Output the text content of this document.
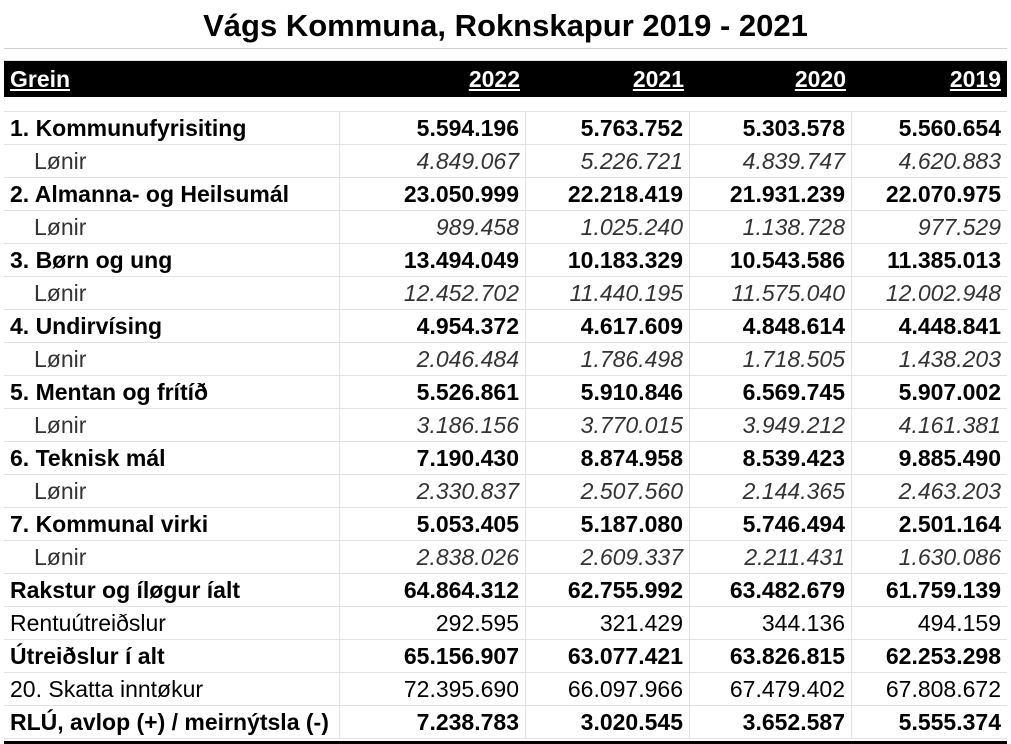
Vágs Kommuna, Roknskapur 2019 - 2021
Grein	2022	2021	2020	2019
1. Kommunufyrisiting	5.594.196	5.763.752	5.303.578	5.560.654
Lønir	4.849.067	5.226.721	4.839.747	4.620.883
2. Almanna- og Heilsumál	23.050.999	22.218.419	21.931.239	22.070.975
Lønir	989.458	1.025.240	1.138.728	977.529
3. Børn og ung	13.494.049	10.183.329	10.543.586	11.385.013
Lønir	12.452.702	11.440.195	11.575.040	12.002.948
4. Undirvísing	4.954.372	4.617.609	4.848.614	4.448.841
Lønir	2.046.484	1.786.498	1.718.505	1.438.203
5. Mentan og frítíð	5.526.861	5.910.846	6.569.745	5.907.002
Lønir	3.186.156	3.770.015	3.949.212	4.161.381
6. Teknisk mál	7.190.430	8.874.958	8.539.423	9.885.490
Lønir	2.330.837	2.507.560	2.144.365	2.463.203
7. Kommunal virki	5.053.405	5.187.080	5.746.494	2.501.164
Lønir	2.838.026	2.609.337	2.211.431	1.630.086
Rakstur og íløgur íalt	64.864.312	62.755.992	63.482.679	61.759.139
Rentuútreiðslur	292.595	321.429	344.136	494.159
Útreiðslur í alt	65.156.907	63.077.421	63.826.815	62.253.298
20. Skatta inntøkur	72.395.690	66.097.966	67.479.402	67.808.672
RLÚ, avlop (+) / meirnýtsla (-)	7.238.783	3.020.545	3.652.587	5.555.374
